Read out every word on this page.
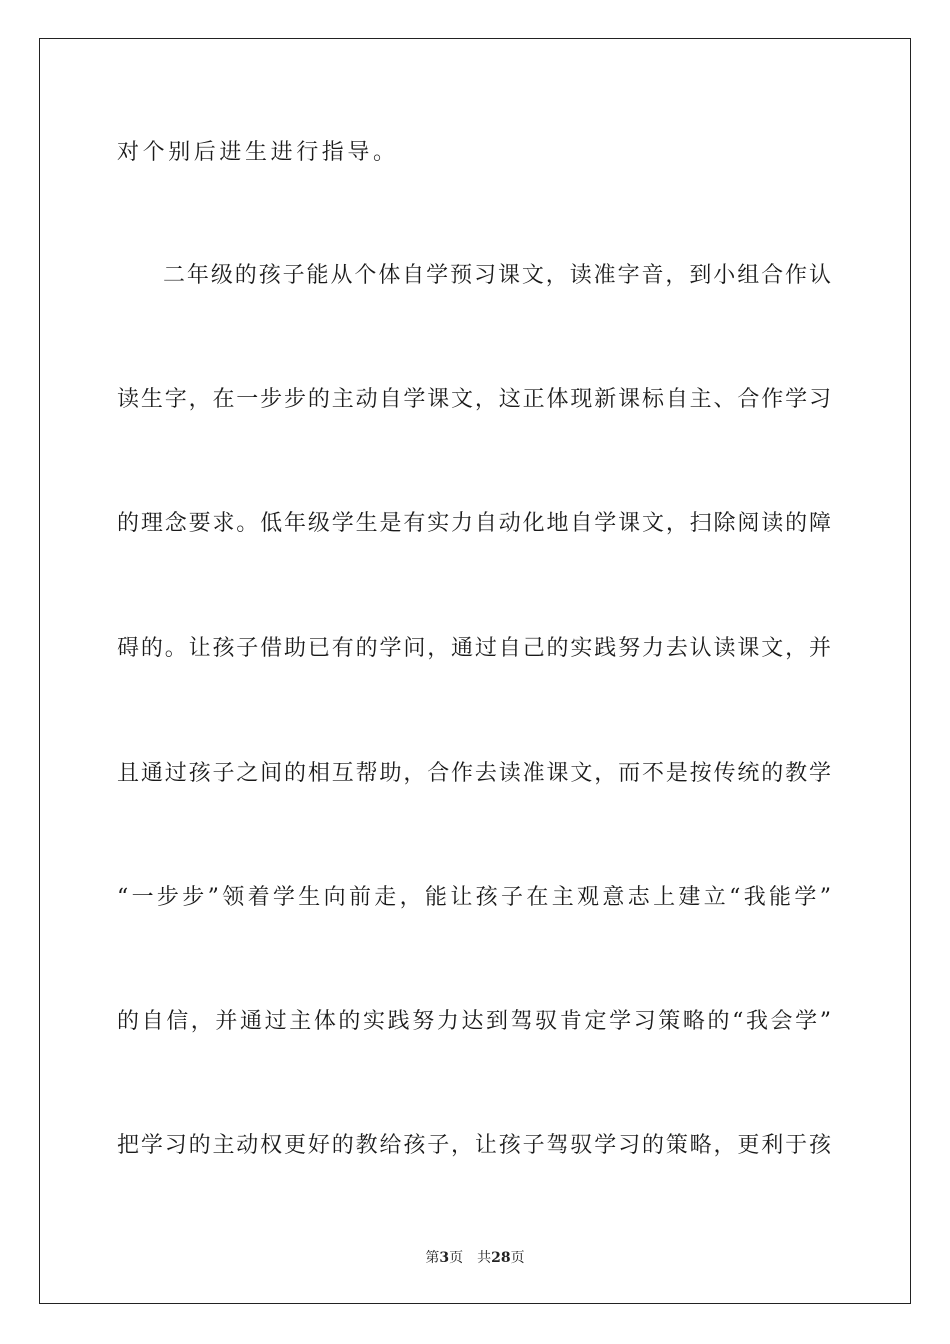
对个别后进生进行指导。
二年级的孩子能从个体自学预习课文，读准字音，到小组合作认
读生字，在一步步的主动自学课文，这正体现新课标自主、合作学习
的理念要求。低年级学生是有实力自动化地自学课文，扫除阅读的障
碍的。让孩子借助已有的学问，通过自己的实践努力去认读课文，并
且通过孩子之间的相互帮助，合作去读准课文，而不是按传统的教学
“一步步”领着学生向前走，能让孩子在主观意志上建立“我能学”
的自信，并通过主体的实践努力达到驾驭肯定学习策略的“我会学”
把学习的主动权更好的教给孩子，让孩子驾驭学习的策略，更利于孩
第3页 共28页
